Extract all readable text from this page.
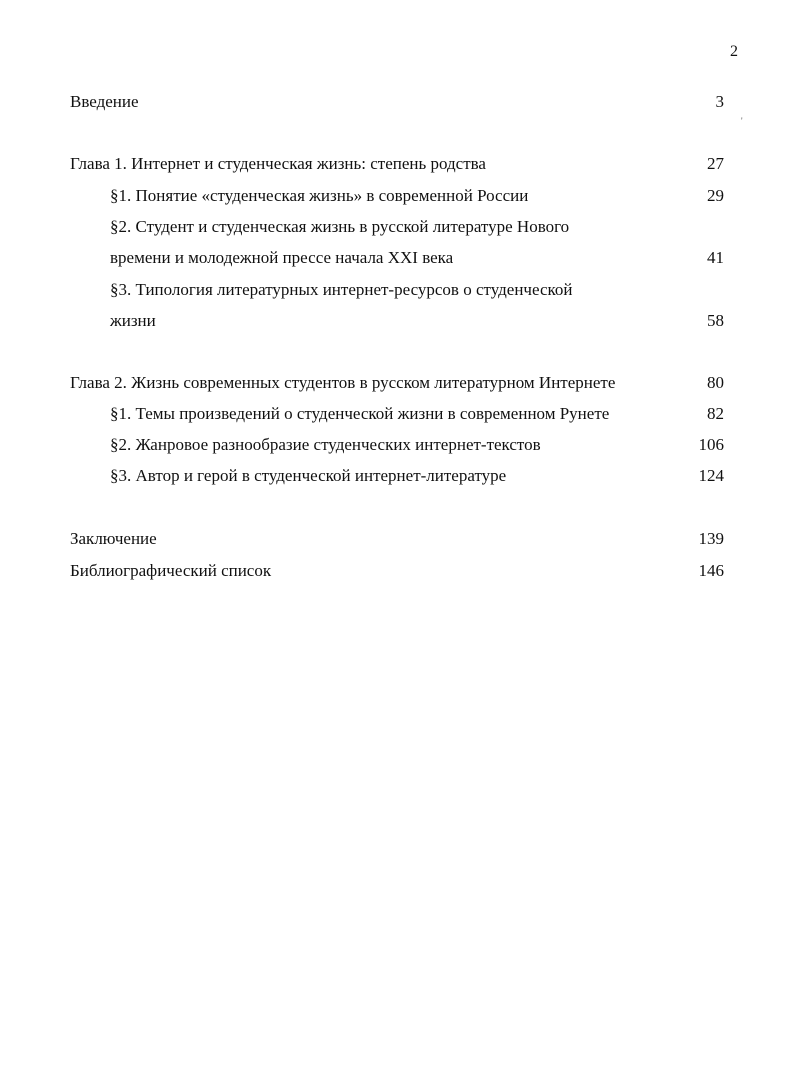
2
'
Введение	3
Глава 1. Интернет и студенческая жизнь: степень родства	27
§1. Понятие «студенческая жизнь» в современной России	29
§2. Студент и студенческая жизнь в русской литературе Нового
времени и молодежной прессе начала XXI века	41
§3. Типология литературных интернет-ресурсов о студенческой
жизни	58
Глава 2. Жизнь современных студентов в русском литературном Интернете	80
§1. Темы произведений о студенческой жизни в современном Рунете	82
§2. Жанровое разнообразие студенческих интернет-текстов	106
§3. Автор и герой в студенческой интернет-литературе	124
Заключение	139
Библиографический список	146
